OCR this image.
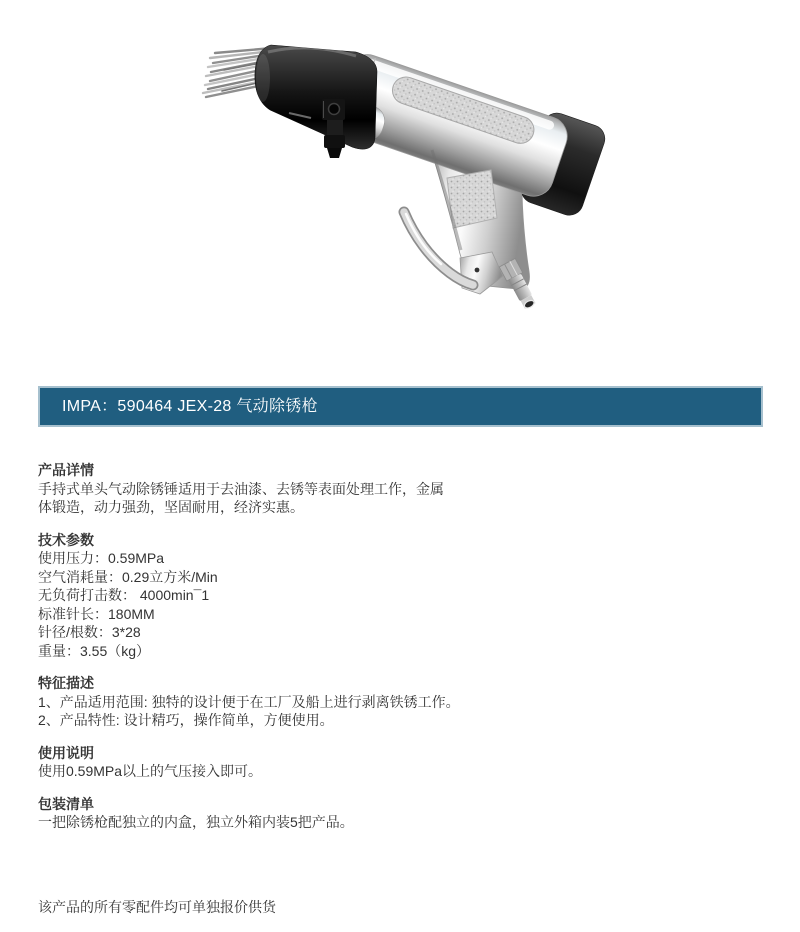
IMPA：590464 JEX-28 气动除锈枪
产品详情

手持式单头气动除锈锤适用于去油漆、去锈等表面处理工作，金属

体锻造，动力强劲，坚固耐用，经济实惠。

技术参数

使用压力：0.59MPa

空气消耗量：0.29立方米/Min

无负荷打击数： 4000min¯1

标准针长：180MM

针径/根数：3*28

重量：3.55（kg）

特征描述

1、产品适用范围: 独特的设计便于在工厂及船上进行剥离铁锈工作。

2、产品特性: 设计精巧，操作简单，方便使用。

使用说明

使用0.59MPa以上的气压接入即可。

包装清单

一把除锈枪配独立的内盒，独立外箱内装5把产品。

该产品的所有零配件均可单独报价供货
